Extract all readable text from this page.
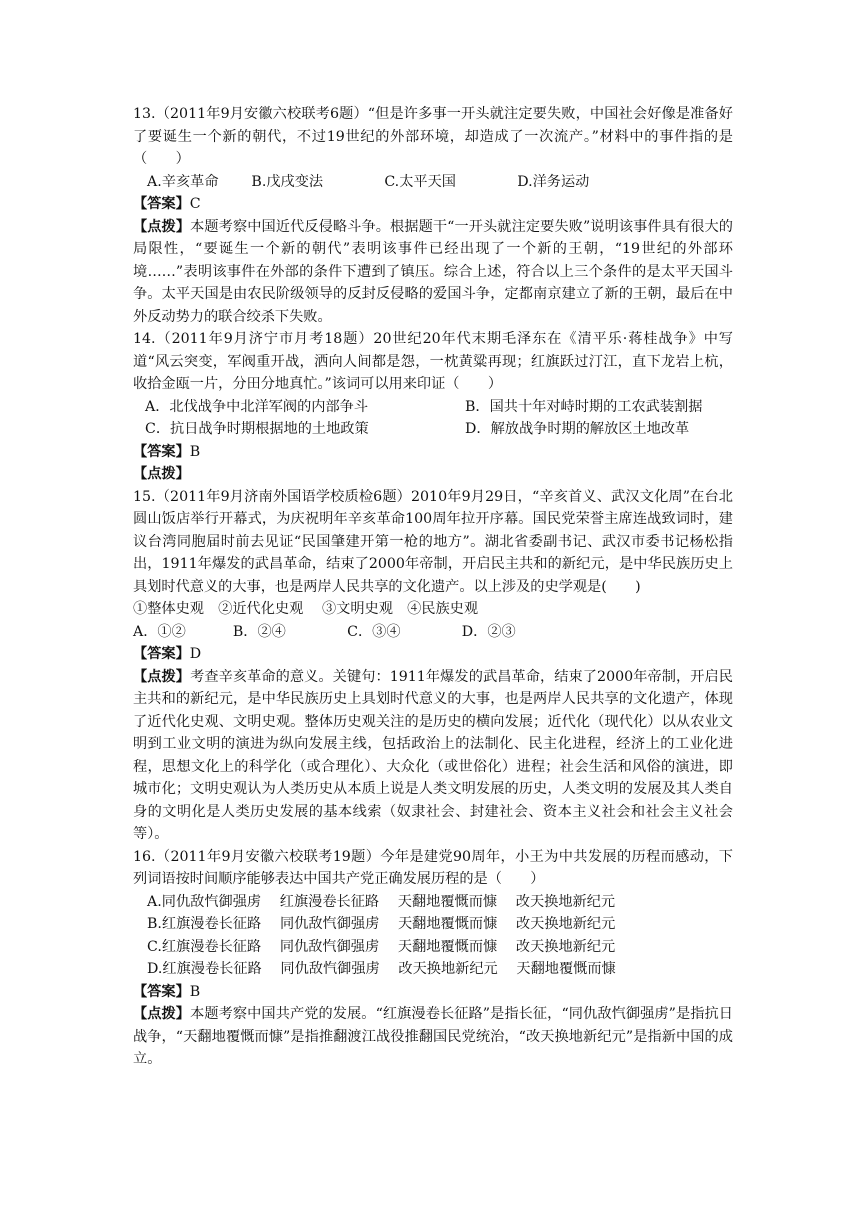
13.（2011年9月安徽六校联考6题）“但是许多事一开头就注定要失败，中国社会好像是准备好了要诞生一个新的朝代，不过19世纪的外部环境，却造成了一次流产。”材料中的事件指的是（　　）

A.辛亥革命　　 B.戊戌变法　　　　 C.太平天国　　　　 D.洋务运动

【答案】C

【点拨】本题考察中国近代反侵略斗争。根据题干“一开头就注定要失败”说明该事件具有很大的局限性，“要诞生一个新的朝代”表明该事件已经出现了一个新的王朝，“19世纪的外部环境……”表明该事件在外部的条件下遭到了镇压。综合上述，符合以上三个条件的是太平天国斗争。太平天国是由农民阶级领导的反封反侵略的爱国斗争，定都南京建立了新的王朝，最后在中外反动势力的联合绞杀下失败。

14.（2011年9月济宁市月考18题）20世纪20年代末期毛泽东在《清平乐·蒋桂战争》中写道“风云突变，军阀重开战，洒向人间都是怨，一枕黄粱再现；红旗跃过汀江，直下龙岩上杭，收拾金瓯一片，分田分地真忙。”该词可以用来印证（　　）

A．北伐战争中北洋军阀的内部争斗	B．国共十年对峙时期的工农武装割据
C．抗日战争时期根据地的土地政策	D．解放战争时期的解放区土地改革

【答案】B

【点拨】

15.（2011年9月济南外国语学校质检6题）2010年9月29日，“辛亥首义、武汉文化周”在台北圆山饭店举行开幕式，为庆祝明年辛亥革命100周年拉开序幕。国民党荣誉主席连战致词时，建议台湾同胞届时前去见证“民国肇建开第一枪的地方”。湖北省委副书记、武汉市委书记杨松指出，1911年爆发的武昌革命，结束了2000年帝制，开启民主共和的新纪元，是中华民族历史上具划时代意义的大事，也是两岸人民共享的文化遗产。以上涉及的史学观是(　　)

①整体史观　②近代化史观　 ③文明史观　④民族史观

A．①②　　　 B．②④　　　　 C．③④　　　　 D．②③

【答案】D

【点拨】考查辛亥革命的意义。关键句：1911年爆发的武昌革命，结束了2000年帝制，开启民主共和的新纪元，是中华民族历史上具划时代意义的大事，也是两岸人民共享的文化遗产，体现了近代化史观、文明史观。整体历史观关注的是历史的横向发展；近代化（现代化）以从农业文明到工业文明的演进为纵向发展主线，包括政治上的法制化、民主化进程，经济上的工业化进程，思想文化上的科学化（或合理化）、大众化（或世俗化）进程；社会生活和风俗的演进，即城市化；文明史观认为人类历史从本质上说是人类文明发展的历史，人类文明的发展及其人类自身的文明化是人类历史发展的基本线索（奴隶社会、封建社会、资本主义社会和社会主义社会等）。

16.（2011年9月安徽六校联考19题）今年是建党90周年，小王为中共发展的历程而感动，下列词语按时间顺序能够表达中国共产党正确发展历程的是（　　）

A.同仇敌忾御强虏　 红旗漫卷长征路　 天翻地覆慨而慷　 改天换地新纪元

B.红旗漫卷长征路　 同仇敌忾御强虏　 天翻地覆慨而慷　 改天换地新纪元

C.红旗漫卷长征路　 同仇敌忾御强虏　 天翻地覆慨而慷　 改天换地新纪元

D.红旗漫卷长征路　 同仇敌忾御强虏　 改天换地新纪元　 天翻地覆慨而慷

【答案】B

【点拨】本题考察中国共产党的发展。“红旗漫卷长征路”是指长征，“同仇敌忾御强虏”是指抗日战争，“天翻地覆慨而慷”是指推翻渡江战役推翻国民党统治，“改天换地新纪元”是指新中国的成立。
